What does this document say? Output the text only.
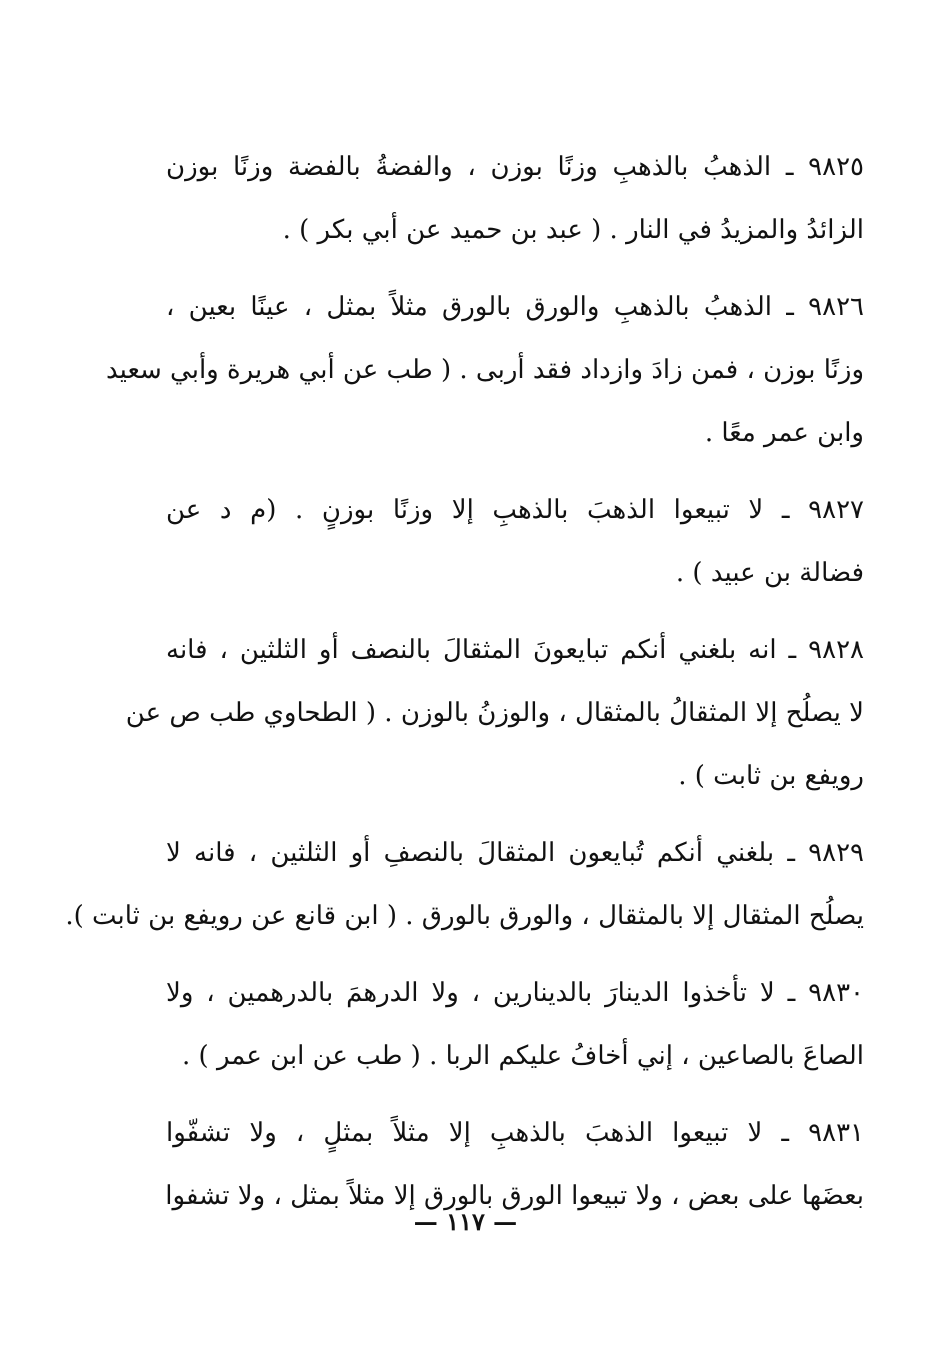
٩٨٢٥ ـ الذهبُ بالذهبِ وزنًا بوزن ، والفضةُ بالفضة وزنًا بوزن
الزائدُ والمزيدُ في النار . ( عبد بن حميد عن أبي بكر ) .
٩٨٢٦ ـ الذهبُ بالذهبِ والورق بالورق مثلاً بمثل ، عينًا بعين ،
وزنًا بوزن ، فمن زادَ وازداد فقد أربى . ( طب عن أبي هريرة وأبي سعيد
وابن عمر معًا .
٩٨٢٧ ـ لا تبيعوا الذهبَ بالذهبِ إلا وزنًا بوزنٍ . (م د عن
فضالة بن عبيد ) .
٩٨٢٨ ـ انه بلغني أنكم تبايعونَ المثقالَ بالنصف أو الثلثين ، فانه
لا يصلُح إلا المثقالُ بالمثقال ، والوزنُ بالوزن . ( الطحاوي طب ص عن
رويفع بن ثابت ) .
٩٨٢٩ ـ بلغني أنكم تُبايعون المثقالَ بالنصفِ أو الثلثين ، فانه لا
يصلُح المثقال إلا بالمثقال ، والورق بالورق . ( ابن قانع عن رويفع بن ثابت ).
٩٨٣٠ ـ لا تأخذوا الدينارَ بالدينارين ، ولا الدرهمَ بالدرهمين ، ولا
الصاعَ بالصاعين ، إني أخافُ عليكم الربا . ( طب عن ابن عمر ) .
٩٨٣١ ـ لا تبيعوا الذهبَ بالذهبِ إلا مثلاً بمثلٍ ، ولا تشفّوا
بعضَها على بعض ، ولا تبيعوا الورق بالورق إلا مثلاً بمثل ، ولا تشفوا
— ١١٧ —
